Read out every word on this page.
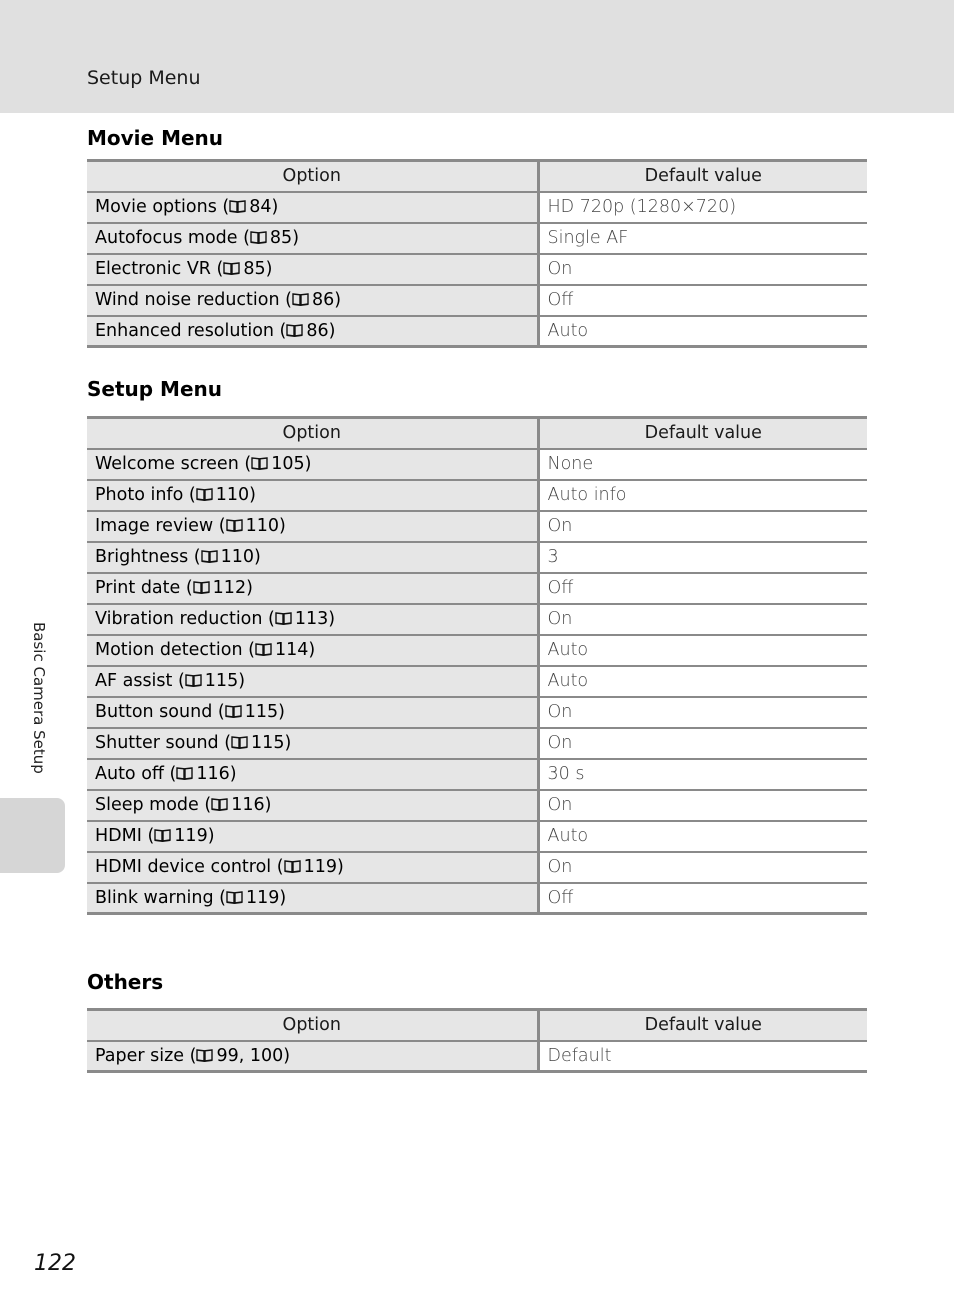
Setup Menu
Movie Menu
Option	Default value
Movie options ( 84)	HD 720p (1280×720)
Autofocus mode ( 85)	Single AF
Electronic VR ( 85)	On
Wind noise reduction ( 86)	Off
Enhanced resolution ( 86)	Auto
Setup Menu
Option	Default value
Welcome screen ( 105)	None
Photo info ( 110)	Auto info
Image review ( 110)	On
Brightness ( 110)	3
Print date ( 112)	Off
Vibration reduction ( 113)	On
Motion detection ( 114)	Auto
AF assist ( 115)	Auto
Button sound ( 115)	On
Shutter sound ( 115)	On
Auto off ( 116)	30 s
Sleep mode ( 116)	On
HDMI ( 119)	Auto
HDMI device control ( 119)	On
Blink warning ( 119)	Off
Others
Option	Default value
Paper size ( 99, 100)	Default
Basic Camera Setup
122
